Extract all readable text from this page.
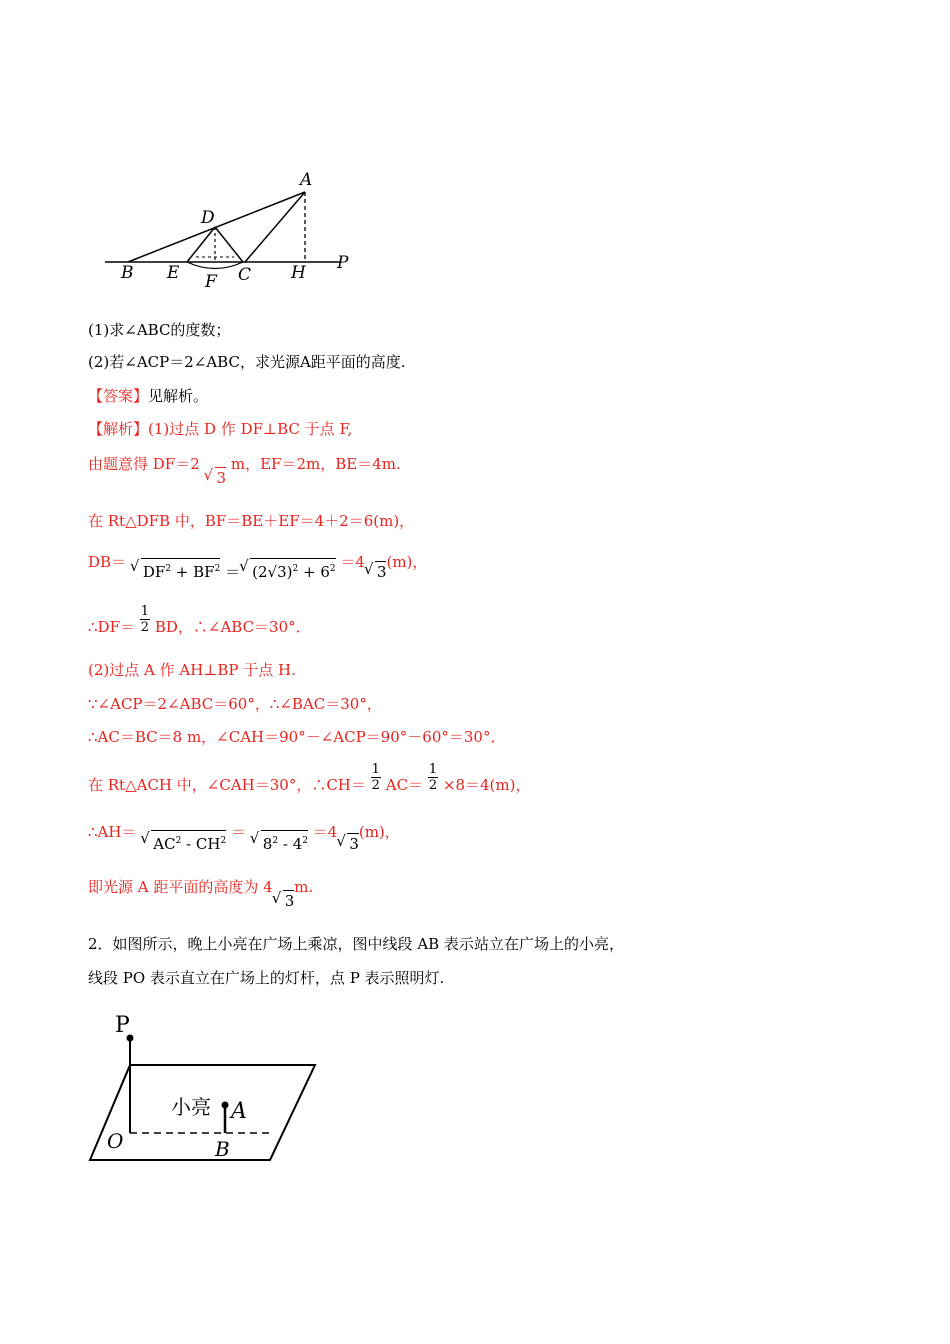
A
D
B E F C H P
(1)求∠ABC的度数；
(2)若∠ACP＝2∠ABC，求光源A距平面的高度.
【答案】见解析。
【解析】(1)过点 D 作 DF⊥BC 于点 F,
由题意得 DF＝2 √ 3 m，EF＝2m，BE＝4m.
在 Rt△DFB 中，BF＝BE＋EF＝4＋2＝6(m)，
DB＝ √ $DF^2 + BF^2$ ＝√ $(2√3)^2 + 6^2 =4√$ 3(m)，
∴DF＝ $\frac{1}{2}$ BD，∴∠ABC＝30°．
(2)过点 A 作 AH⊥BP 于点 H.
∵∠ACP＝2∠ABC＝60°，∴∠BAC＝30°，
∴AC＝BC＝8 m，∠CAH＝90°－∠ACP＝90°－60°＝30°．
在 Rt△ACH 中，∠CAH＝30°，∴CH＝ $\frac{1}{2} AC= \frac{1}{2} \times 8=4(m)$，
∴AH＝ √ $AC^2 - CH^2$ ＝ √ $8^2 - 4^2 =4√$ 3(m)，
即光源 A 距平面的高度为 4√ 3m.
2．如图所示，晚上小亮在广场上乘凉，图中线段 AB 表示站立在广场上的小亮，
线段 PO 表示直立在广场上的灯杆，点 P 表示照明灯.
P
O
A
B
小亮
